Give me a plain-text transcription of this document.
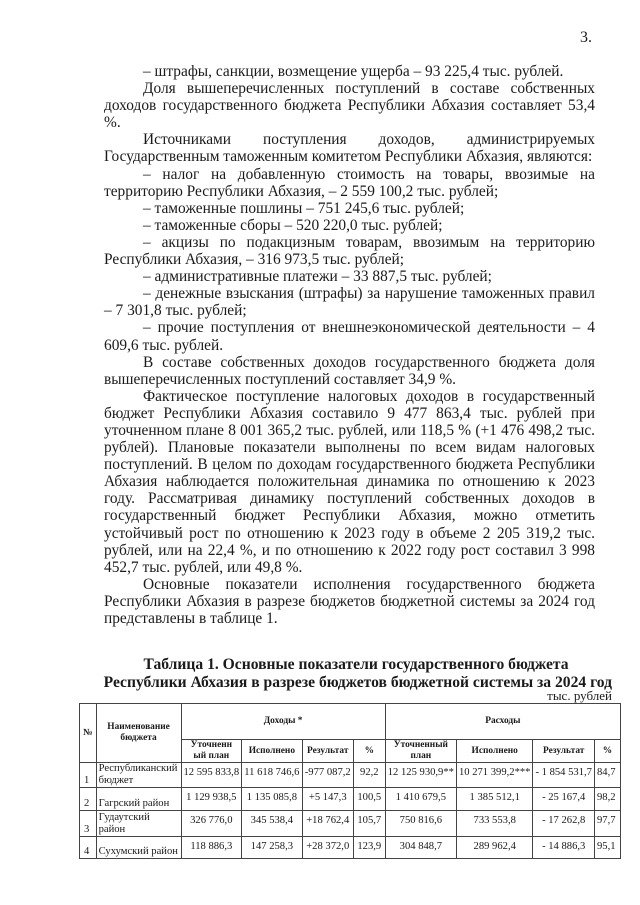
3.

– штрафы, санкции, возмещение ущерба – 93 225,4 тыс. рублей.

Доля вышеперечисленных поступлений в составе собственных доходов государственного бюджета Республики Абхазия составляет 53,4 %.

Источниками поступления доходов, администрируемых Государственным таможенным комитетом Республики Абхазия, являются:

– налог на добавленную стоимость на товары, ввозимые на территорию Республики Абхазия, – 2 559 100,2 тыс. рублей;

– таможенные пошлины – 751 245,6 тыс. рублей;

– таможенные сборы – 520 220,0 тыс. рублей;

– акцизы по подакцизным товарам, ввозимым на территорию Республики Абхазия, – 316 973,5 тыс. рублей;

– административные платежи – 33 887,5 тыс. рублей;

– денежные взыскания (штрафы) за нарушение таможенных правил – 7 301,8 тыс. рублей;

– прочие поступления от внешнеэкономической деятельности – 4 609,6 тыс. рублей.

В составе собственных доходов государственного бюджета доля вышеперечисленных поступлений составляет 34,9 %.

Фактическое поступление налоговых доходов в государственный бюджет Республики Абхазия составило 9 477 863,4 тыс. рублей при уточненном плане 8 001 365,2 тыс. рублей, или 118,5 % (+1 476 498,2 тыс. рублей). Плановые показатели выполнены по всем видам налоговых поступлений. В целом по доходам государственного бюджета Республики Абхазия наблюдается положительная динамика по отношению к 2023 году. Рассматривая динамику поступлений собственных доходов в государственный бюджет Республики Абхазия, можно отметить устойчивый рост по отношению к 2023 году в объеме 2 205 319,2 тыс. рублей, или на 22,4 %, и по отношению к 2022 году рост составил 3 998 452,7 тыс. рублей, или 49,8 %.

Основные показатели исполнения государственного бюджета Республики Абхазия в разрезе бюджетов бюджетной системы за 2024 год представлены в таблице 1.

Таблица 1. Основные показатели государственного бюджета

Республики Абхазия в разрезе бюджетов бюджетной системы за 2024 год
тыс. рублей
№	Наименование бюджета	Доходы *				Расходы			
		Уточненн ый план	Исполнено	Результат	%	Уточненный план	Исполнено	Результат	%
1	Республиканский бюджет	12 595 833,8	11 618 746,6	-977 087,2	92,2	12 125 930,9**	10 271 399,2***	- 1 854 531,7	84,7
2	Гагрский район	1 129 938,5	1 135 085,8	+5 147,3	100,5	1 410 679,5	1 385 512,1	- 25 167,4	98,2
3	Гудаутский район	326 776,0	345 538,4	+18 762,4	105,7	750 816,6	733 553,8	- 17 262,8	97,7
4	Сухумский район	118 886,3	147 258,3	+28 372,0	123,9	304 848,7	289 962,4	- 14 886,3	95,1
